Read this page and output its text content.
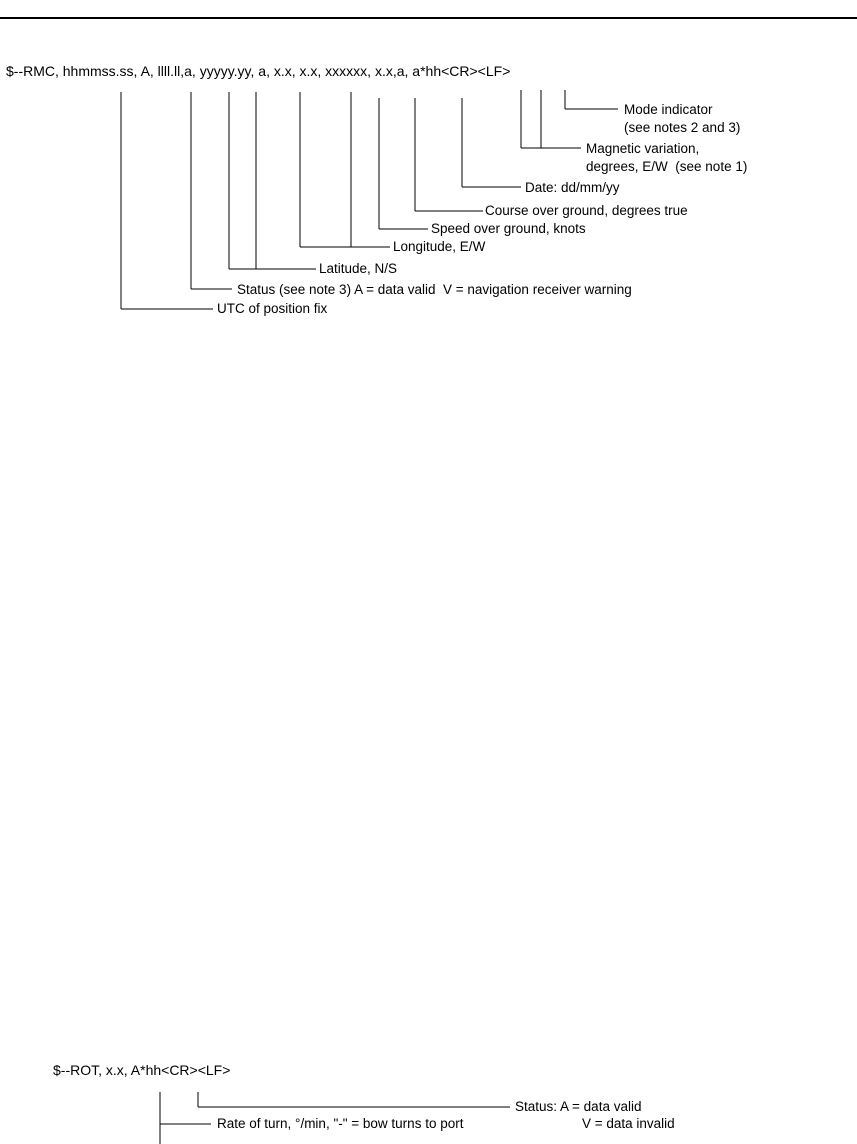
$--RMC, hhmmss.ss, A, llll.ll,a, yyyyy.yy, a, x.x, x.x, xxxxxx, x.x,a, a*hh<CR><LF>
Mode indicator
(see notes 2 and 3)
Magnetic variation,
degrees, E/W  (see note 1)
Date: dd/mm/yy
Course over ground, degrees true
Speed over ground, knots
Longitude, E/W
Latitude, N/S
Status (see note 3) A = data valid  V = navigation receiver warning
UTC of position fix
$--ROT, x.x, A*hh<CR><LF>
Status: A = data valid
V = data invalid
Rate of turn, °/min, "-" = bow turns to port
